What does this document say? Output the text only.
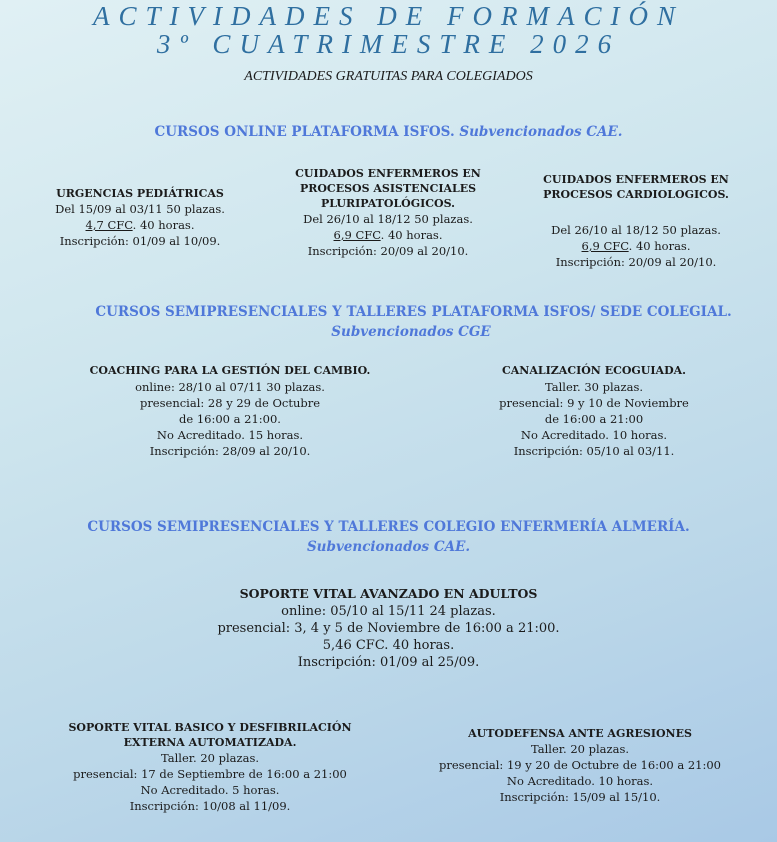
ACTIVIDADES DE FORMACIÓN
3º CUATRIMESTRE 2026
ACTIVIDADES GRATUITAS PARA COLEGIADOS
CURSOS ONLINE PLATAFORMA ISFOS. Subvencionados CAE.
URGENCIAS PEDIÁTRICAS
Del 15/09 al 03/11 50 plazas.
4,7 CFC. 40 horas.
Inscripción: 01/09 al 10/09.
CUIDADOS ENFERMEROS EN
PROCESOS ASISTENCIALES
PLURIPATOLÓGICOS.
Del 26/10 al 18/12 50 plazas.
6,9 CFC. 40 horas.
Inscripción: 20/09 al 20/10.
CUIDADOS ENFERMEROS EN
PROCESOS CARDIOLOGICOS.
Del 26/10 al 18/12 50 plazas.
6,9 CFC. 40 horas.
Inscripción: 20/09 al 20/10.
CURSOS SEMIPRESENCIALES Y TALLERES PLATAFORMA ISFOS/ SEDE COLEGIAL.
Subvencionados CGE
COACHING PARA LA GESTIÓN DEL CAMBIO.
online: 28/10 al 07/11 30 plazas.
presencial: 28 y 29 de Octubre
de 16:00 a 21:00.
No Acreditado. 15 horas.
Inscripción: 28/09 al 20/10.
CANALIZACIÓN ECOGUIADA.
Taller. 30 plazas.
presencial: 9 y 10 de Noviembre
de 16:00 a 21:00
No Acreditado. 10 horas.
Inscripción: 05/10 al 03/11.
CURSOS SEMIPRESENCIALES Y TALLERES COLEGIO ENFERMERÍA ALMERÍA.
Subvencionados CAE.
SOPORTE VITAL AVANZADO EN ADULTOS
online: 05/10 al 15/11 24 plazas.
presencial: 3, 4 y 5 de Noviembre de 16:00 a 21:00.
5,46 CFC. 40 horas.
Inscripción: 01/09 al 25/09.
SOPORTE VITAL BASICO Y DESFIBRILACIÓN
EXTERNA AUTOMATIZADA.
Taller. 20 plazas.
presencial: 17 de Septiembre de 16:00 a 21:00
No Acreditado. 5 horas.
Inscripción: 10/08 al 11/09.
AUTODEFENSA ANTE AGRESIONES
Taller. 20 plazas.
presencial: 19 y 20 de Octubre de 16:00 a 21:00
No Acreditado. 10 horas.
Inscripción: 15/09 al 15/10.
